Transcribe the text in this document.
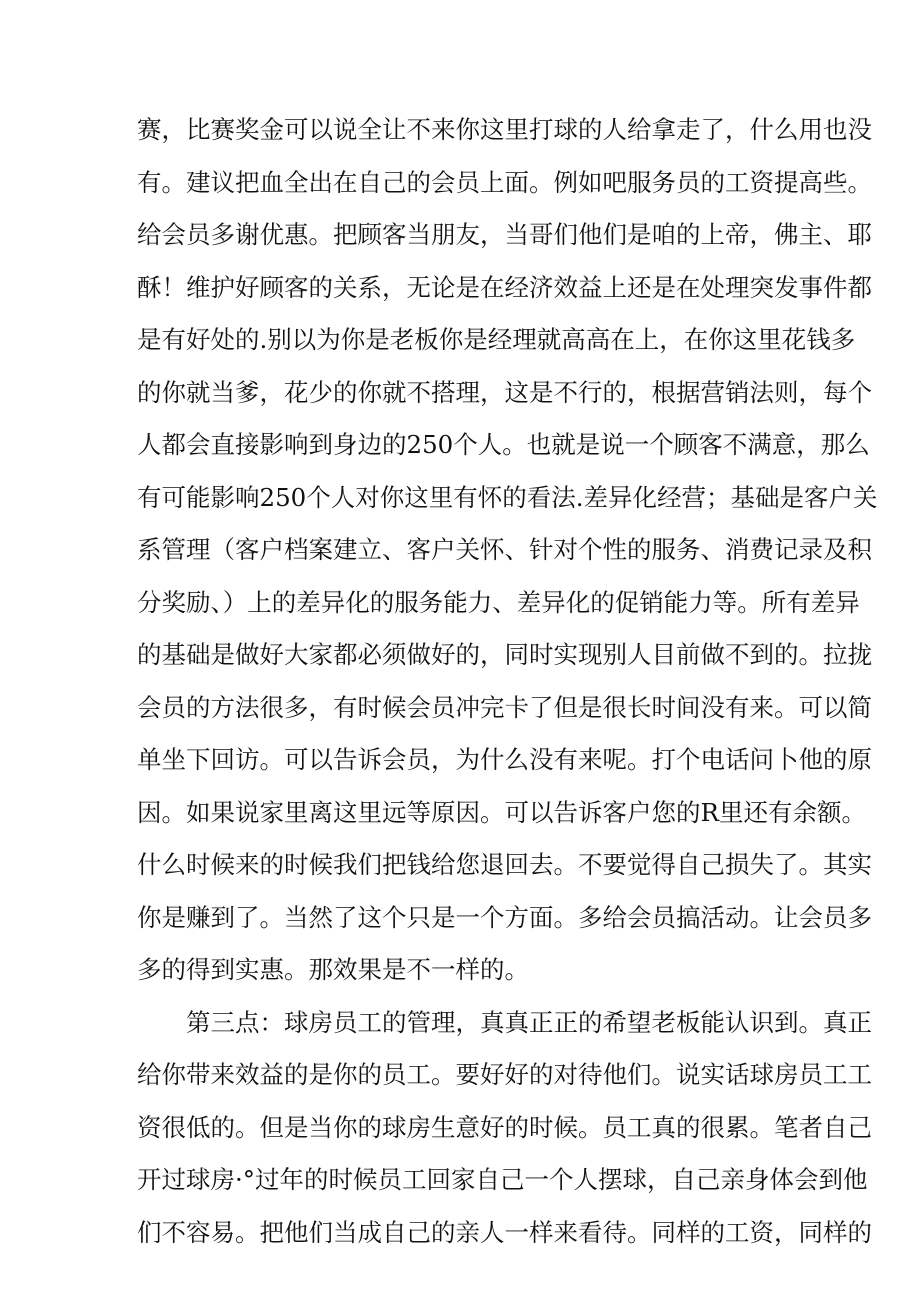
赛，比赛奖金可以说全让不来你这里打球的人给拿走了，什么用也没
有。建议把血全出在自己的会员上面。例如吧服务员的工资提高些。
给会员多谢优惠。把顾客当朋友，当哥们他们是咱的上帝，佛主、耶
酥！维护好顾客的关系，无论是在经济效益上还是在处理突发事件都
是有好处的.别以为你是老板你是经理就高高在上，在你这里花钱多
的你就当爹，花少的你就不搭理，这是不行的，根据营销法则，每个
人都会直接影响到身边的250个人。也就是说一个顾客不满意，那么
有可能影响250个人对你这里有怀的看法.差异化经营；基础是客户关
系管理（客户档案建立、客户关怀、针对个性的服务、消费记录及积
分奖励、）上的差异化的服务能力、差异化的促销能力等。所有差异
的基础是做好大家都必须做好的，同时实现别人目前做不到的。拉拢
会员的方法很多，有时候会员冲完卡了但是很长时间没有来。可以简
单坐下回访。可以告诉会员，为什么没有来呢。打个电话问卜他的原
因。如果说家里离这里远等原因。可以告诉客户您的R里还有余额。
什么时候来的时候我们把钱给您退回去。不要觉得自己损失了。其实
你是赚到了。当然了这个只是一个方面。多给会员搞活动。让会员多
多的得到实惠。那效果是不一样的。
第三点：球房员工的管理，真真正正的希望老板能认识到。真正
给你带来效益的是你的员工。要好好的对待他们。说实话球房员工工
资很低的。但是当你的球房生意好的时候。员工真的很累。笔者自己
开过球房·°过年的时候员工回家自己一个人摆球，自己亲身体会到他
们不容易。把他们当成自己的亲人一样来看待。同样的工资，同样的
